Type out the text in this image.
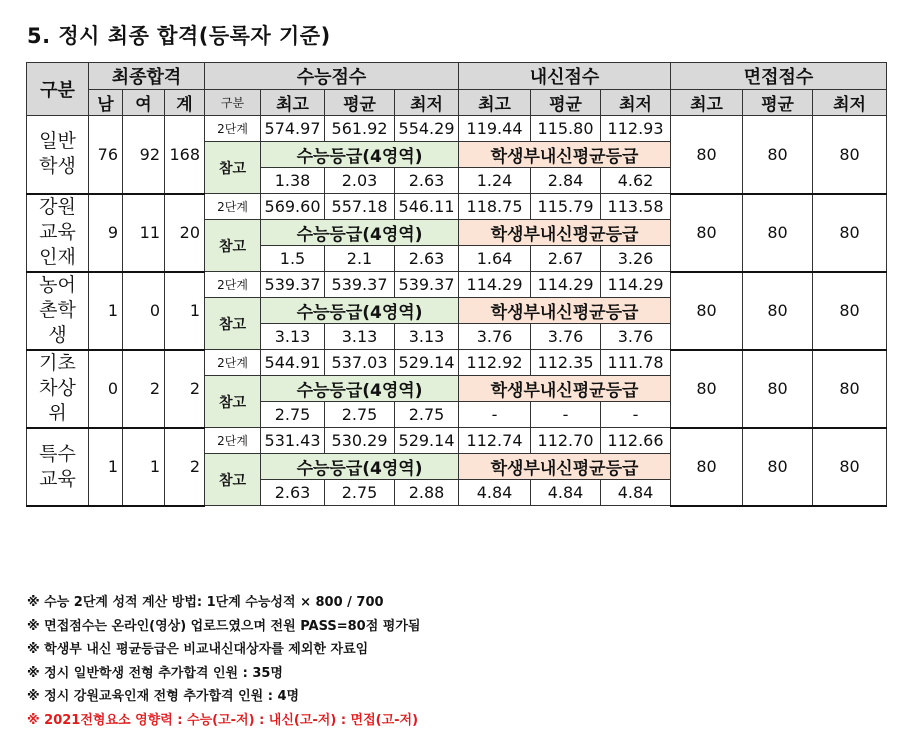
5. 정시 최종 합격(등록자 기준)
구분	최종합격			수능점수				내신점수			면접점수		
	남	여	계	구분	최고	평균	최저	최고	평균	최저	최고	평균	최저
일반
학생	76	92	168	2단계	574.97	561.92	554.29	119.44	115.80	112.93	80	80	80
				참고	수능등급(4영역)			학생부내신평균등급					
					1.38	2.03	2.63	1.24	2.84	4.62			
강원
교육
인재	9	11	20	2단계	569.60	557.18	546.11	118.75	115.79	113.58	80	80	80
				참고	수능등급(4영역)			학생부내신평균등급					
					1.5	2.1	2.63	1.64	2.67	3.26			
농어
촌학
생	1	0	1	2단계	539.37	539.37	539.37	114.29	114.29	114.29	80	80	80
				참고	수능등급(4영역)			학생부내신평균등급					
					3.13	3.13	3.13	3.76	3.76	3.76			
기초
차상
위	0	2	2	2단계	544.91	537.03	529.14	112.92	112.35	111.78	80	80	80
				참고	수능등급(4영역)			학생부내신평균등급					
					2.75	2.75	2.75	-	-	-			
특수
교육	1	1	2	2단계	531.43	530.29	529.14	112.74	112.70	112.66	80	80	80
				참고	수능등급(4영역)			학생부내신평균등급					
					2.63	2.75	2.88	4.84	4.84	4.84			
※ 수능 2단계 성적 계산 방법: 1단계 수능성적 × 800 / 700
※ 면접점수는 온라인(영상) 업로드였으며 전원 PASS=80점 평가됨
※ 학생부 내신 평균등급은 비교내신대상자를 제외한 자료임
※ 정시 일반학생 전형 추가합격 인원 : 35명
※ 정시 강원교육인재 전형 추가합격 인원 : 4명
※ 2021전형요소 영향력 : 수능(고-저) : 내신(고-저) : 면접(고-저)
